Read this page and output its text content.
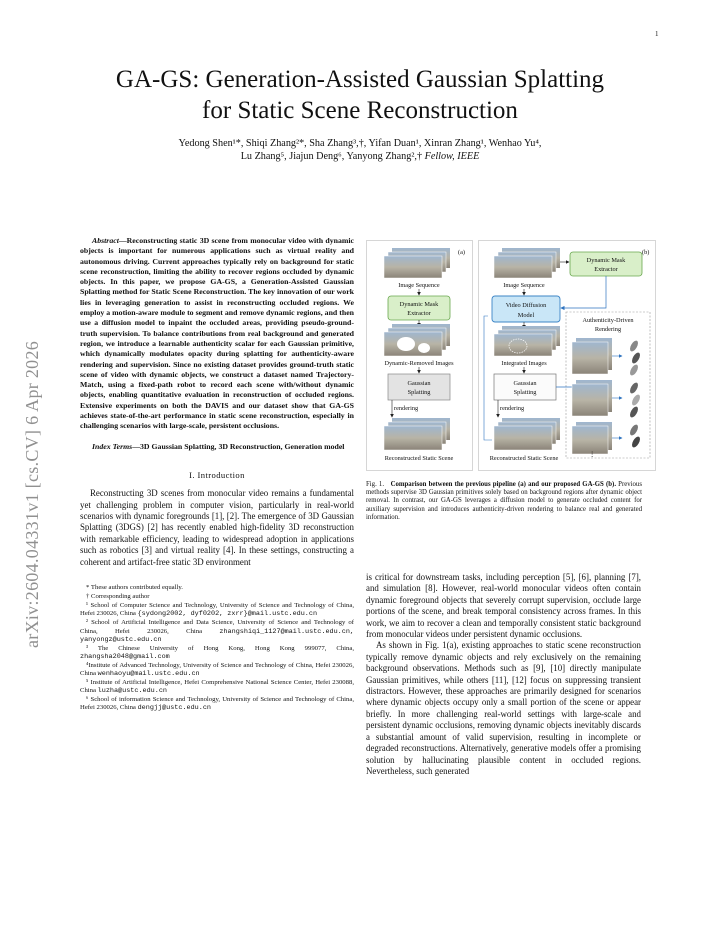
1
arXiv:2604.04331v1 [cs.CV] 6 Apr 2026
GA-GS: Generation-Assisted Gaussian Splatting
for Static Scene Reconstruction
Yedong Shen¹*, Shiqi Zhang²*, Sha Zhang³,†, Yifan Duan¹, Xinran Zhang¹, Wenhao Yu⁴,
Lu Zhang⁵, Jiajun Deng⁶, Yanyong Zhang²,† Fellow, IEEE

Abstract—Reconstructing static 3D scene from monocular video with dynamic objects is important for numerous applications such as virtual reality and autonomous driving. Current approaches typically rely on background for static scene reconstruction, limiting the ability to recover regions occluded by dynamic objects. In this paper, we propose GA-GS, a Generation-Assisted Gaussian Splatting method for Static Scene Reconstruction. The key innovation of our work lies in leveraging generation to assist in reconstructing occluded regions. We employ a motion-aware module to segment and remove dynamic regions, and then use a diffusion model to inpaint the occluded areas, providing pseudo-ground-truth supervision. To balance contributions from real background and generated region, we introduce a learnable authenticity scalar for each Gaussian primitive, which dynamically modulates opacity during splatting for authenticity-aware rendering and supervision. Since no existing dataset provides ground-truth static scene of video with dynamic objects, we construct a dataset named Trajectory-Match, using a fixed-path robot to record each scene with/without dynamic objects, enabling quantitative evaluation in reconstruction of occluded regions. Extensive experiments on both the DAVIS and our dataset show that GA-GS achieves state-of-the-art performance in static scene reconstruction, especially in challenging scenarios with large-scale, persistent occlusions.

Index Terms—3D Gaussian Splatting, 3D Reconstruction, Generation model

I. Introduction

Reconstructing 3D scenes from monocular video remains a fundamental yet challenging problem in computer vision, particularly in real-world scenarios with dynamic foregrounds [1], [2]. The emergence of 3D Gaussian Splatting (3DGS) [2] has recently enabled high-fidelity 3D reconstruction with remarkable efficiency, leading to widespread adoption in applications such as robotics [3] and virtual reality [4]. In these settings, constructing a coherent and artifact-free static 3D environment

* These authors contributed equally.

† Corresponding author

¹ School of Computer Science and Technology, University of Science and Technology of China, Hefei 230026, China {sydong2002, dyf0202, zxrr}@mail.ustc.edu.cn

² School of Artificial Intelligence and Data Science, University of Science and Technology of China, Hefei 230026, China zhangshiqi_1127@mail.ustc.edu.cn, yanyongz@ustc.edu.cn

³ The Chinese University of Hong Kong, Hong Kong 999077, China, zhangsha2048@gmail.com

⁴Institute of Advanced Technology, University of Science and Technology of China, Hefei 230026, China wenhaoyu@mail.ustc.edu.cn

⁵ Institute of Artificial Intelligence, Hefei Comprehensive National Science Center, Hefei 230088, China luzha@ustc.edu.cn

⁶ School of information Science and Technology, University of Science and Technology of China, Hefei 230026, China dengjj@ustc.edu.cn

(a)	(b)
Image Sequence
Dynamic Mask
Extractor
Dynamic-Removed Images
Gaussian
Splatting
rendering
Reconstructed Static Scene
Image Sequence
Dynamic Mask
Extractor
Video Diffusion
Model
Integrated Images
Gaussian
Splatting
rendering
Reconstructed Static Scene
Authenticity-Driven
Rendering
⋮

Fig. 1. Comparison between the previous pipeline (a) and our proposed GA-GS (b). Previous methods supervise 3D Gaussian primitives solely based on background regions after dynamic object removal. In contrast, our GA-GS leverages a diffusion model to generate occluded content for auxiliary supervision and introduces authenticity-driven rendering to balance real and generated information.

is critical for downstream tasks, including perception [5], [6], planning [7], and simulation [8]. However, real-world monocular videos often contain dynamic foreground objects that severely corrupt supervision, occlude large portions of the scene, and break temporal consistency across frames. In this work, we aim to recover a clean and temporally consistent static background from monocular videos under persistent dynamic occlusions.

As shown in Fig. 1(a), existing approaches to static scene reconstruction typically remove dynamic objects and rely exclusively on the remaining background observations. Methods such as [9], [10] directly manipulate Gaussian primitives, while others [11], [12] focus on suppressing transient distractors. However, these approaches are primarily designed for scenarios where dynamic objects occupy only a small portion of the scene or appear briefly. In more challenging real-world settings with large-scale and persistent dynamic occlusions, removing dynamic objects inevitably discards a substantial amount of valid supervision, resulting in incomplete or degraded reconstructions. Alternatively, generative models offer a promising solution by hallucinating plausible content in occluded regions. Nevertheless, such generated
